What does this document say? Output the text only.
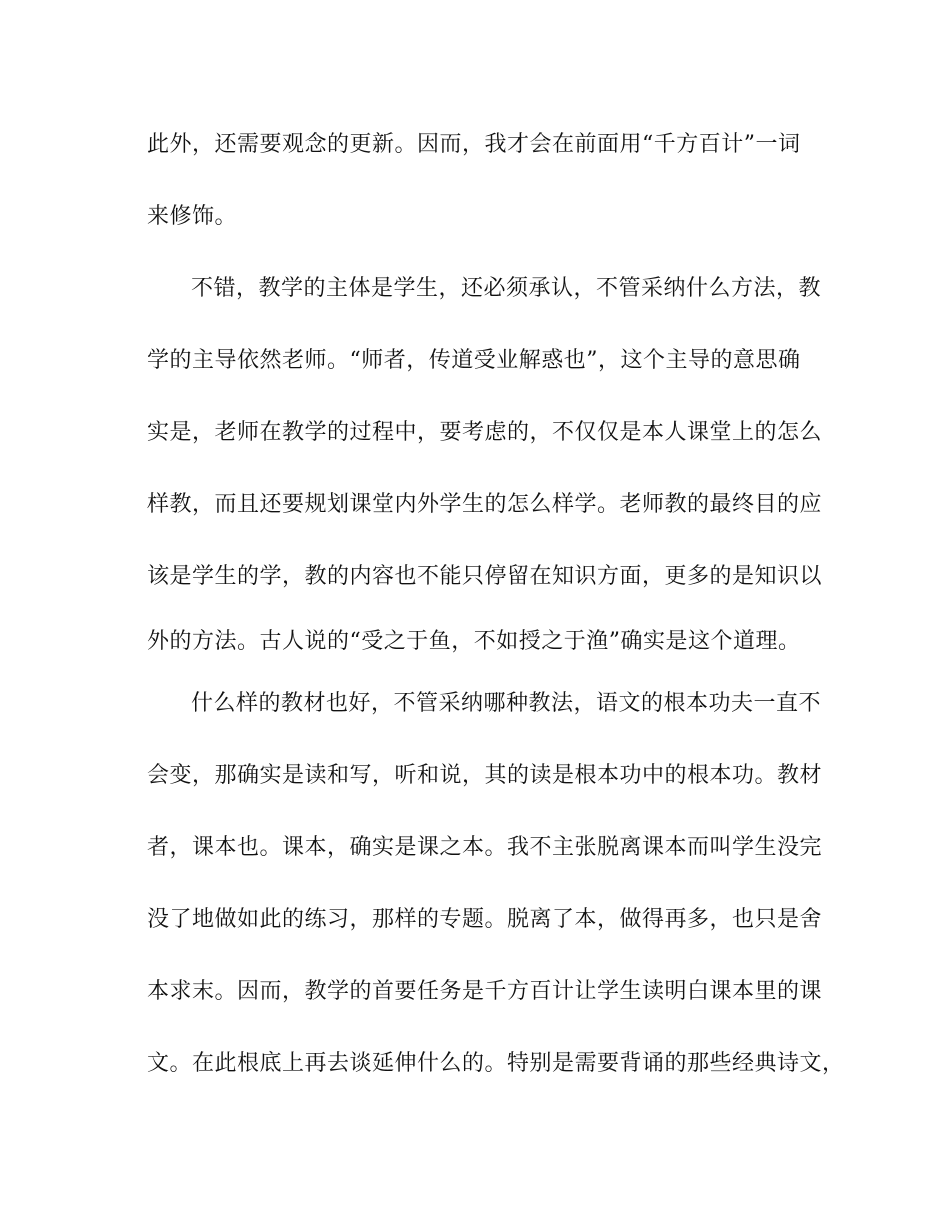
此外，还需要观念的更新。因而，我才会在前面用“千方百计”一词
来修饰。
不错，教学的主体是学生，还必须承认，不管采纳什么方法，教
学的主导依然老师。“师者，传道受业解惑也”，这个主导的意思确
实是，老师在教学的过程中，要考虑的，不仅仅是本人课堂上的怎么
样教，而且还要规划课堂内外学生的怎么样学。老师教的最终目的应
该是学生的学，教的内容也不能只停留在知识方面，更多的是知识以
外的方法。古人说的“受之于鱼，不如授之于渔”确实是这个道理。
什么样的教材也好，不管采纳哪种教法，语文的根本功夫一直不
会变，那确实是读和写，听和说，其的读是根本功中的根本功。教材
者，课本也。课本，确实是课之本。我不主张脱离课本而叫学生没完
没了地做如此的练习，那样的专题。脱离了本，做得再多，也只是舍
本求末。因而，教学的首要任务是千方百计让学生读明白课本里的课
文。在此根底上再去谈延伸什么的。特别是需要背诵的那些经典诗文，
